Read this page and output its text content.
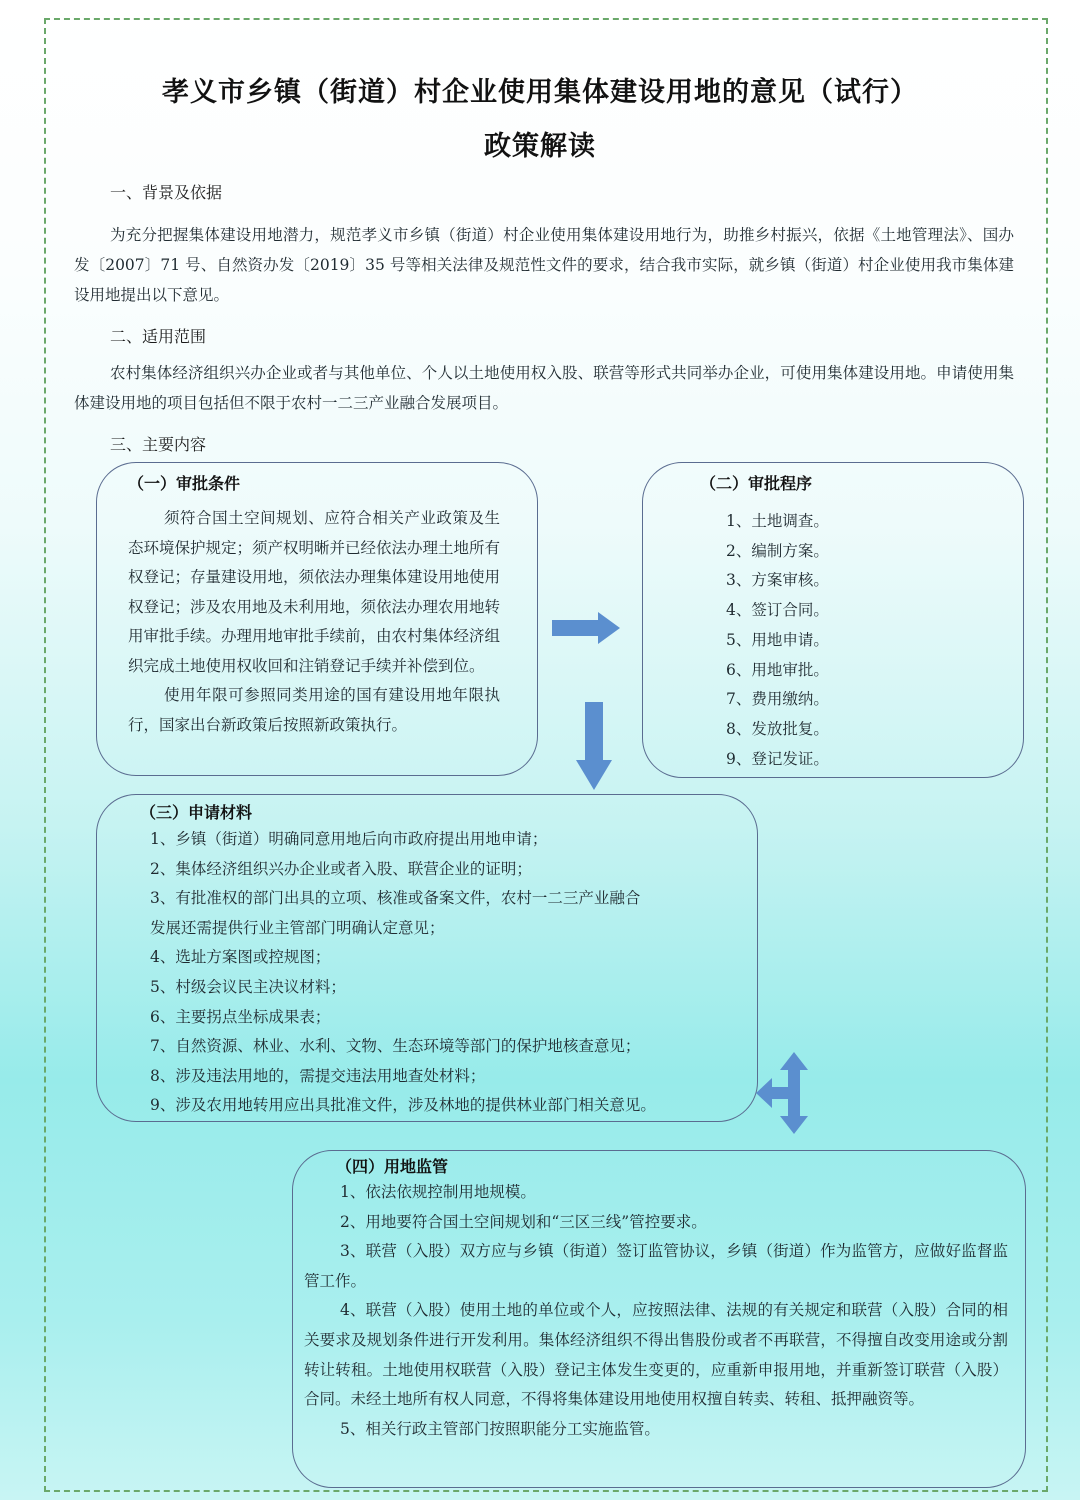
孝义市乡镇（街道）村企业使用集体建设用地的意见（试行）
政策解读
一、背景及依据

为充分把握集体建设用地潜力，规范孝义市乡镇（街道）村企业使用集体建设用地行为，助推乡村振兴，依据《土地管理法》、国办发〔2007〕71 号、自然资办发〔2019〕35 号等相关法律及规范性文件的要求，结合我市实际，就乡镇（街道）村企业使用我市集体建设用地提出以下意见。

二、适用范围

农村集体经济组织兴办企业或者与其他单位、个人以土地使用权入股、联营等形式共同举办企业，可使用集体建设用地。申请使用集体建设用地的项目包括但不限于农村一二三产业融合发展项目。

三、主要内容
（一）审批条件

须符合国土空间规划、应符合相关产业政策及生态环境保护规定；须产权明晰并已经依法办理土地所有权登记；存量建设用地，须依法办理集体建设用地使用权登记；涉及农用地及未利用地，须依法办理农用地转用审批手续。办理用地审批手续前，由农村集体经济组织完成土地使用权收回和注销登记手续并补偿到位。

使用年限可参照同类用途的国有建设用地年限执行，国家出台新政策后按照新政策执行。

（二）审批程序
1、土地调查。
2、编制方案。
3、方案审核。
4、签订合同。
5、用地申请。
6、用地审批。
7、费用缴纳。
8、发放批复。
9、登记发证。
（三）申请材料
1、乡镇（街道）明确同意用地后向市政府提出用地申请；
2、集体经济组织兴办企业或者入股、联营企业的证明；
3、有批准权的部门出具的立项、核准或备案文件，农村一二三产业融合
发展还需提供行业主管部门明确认定意见；
4、选址方案图或控规图；
5、村级会议民主决议材料；
6、主要拐点坐标成果表；
7、自然资源、林业、水利、文物、生态环境等部门的保护地核查意见；
8、涉及违法用地的，需提交违法用地查处材料；
9、涉及农用地转用应出具批准文件，涉及林地的提供林业部门相关意见。
（四）用地监管

1、依法依规控制用地规模。

2、用地要符合国土空间规划和“三区三线”管控要求。

3、联营（入股）双方应与乡镇（街道）签订监管协议，乡镇（街道）作为监管方，应做好监督监管工作。

4、联营（入股）使用土地的单位或个人，应按照法律、法规的有关规定和联营（入股）合同的相关要求及规划条件进行开发利用。集体经济组织不得出售股份或者不再联营，不得擅自改变用途或分割转让转租。土地使用权联营（入股）登记主体发生变更的，应重新申报用地，并重新签订联营（入股）合同。未经土地所有权人同意，不得将集体建设用地使用权擅自转卖、转租、抵押融资等。

5、相关行政主管部门按照职能分工实施监管。
